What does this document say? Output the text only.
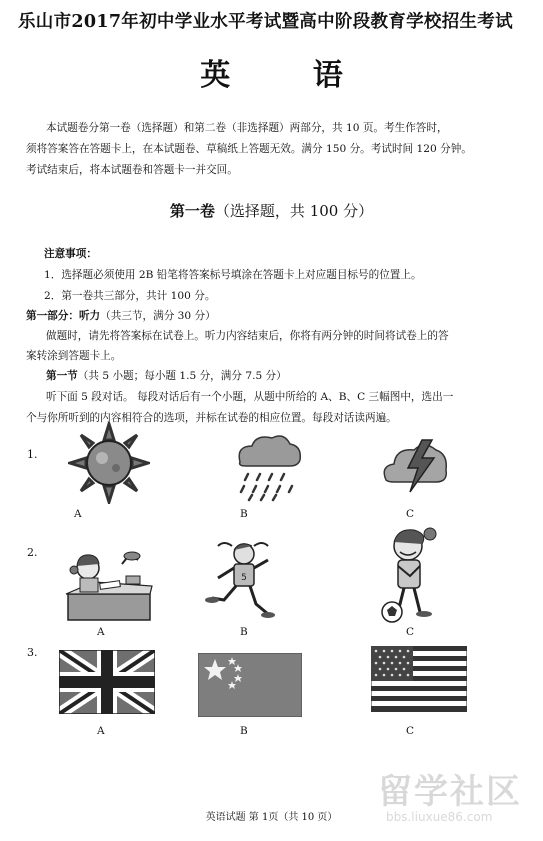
乐山市2017年初中学业水平考试暨高中阶段教育学校招生考试
英 语
本试题卷分第一卷（选择题）和第二卷（非选择题）两部分，共 10 页。考生作答时，
须将答案答在答题卡上，在本试题卷、草稿纸上答题无效。满分 150 分。考试时间 120 分钟。
考试结束后，将本试题卷和答题卡一并交回。
第一卷（选择题，共 100 分）
注意事项：
1．选择题必须使用 2B 铅笔将答案标号填涂在答题卡上对应题目标号的位置上。
2．第一卷共三部分，共计 100 分。
第一部分：听力（共三节，满分 30 分）
做题时，请先将答案标在试卷上。听力内容结束后，你将有两分钟的时间将试卷上的答
案转涂到答题卡上。
第一节（共 5 小题；每小题 1.5 分，满分 7.5 分）
听下面 5 段对话。 每段对话后有一个小题，从题中所给的 A、B、C 三幅图中，选出一
个与你所听到的内容相符合的选项，并标在试卷的相应位置。每段对话读两遍。
1.
A	B	C
2.
5
A	B	C
3.
A	B	C
留学社区
bbs.liuxue86.com
英语试题 第 1页（共 10 页）
